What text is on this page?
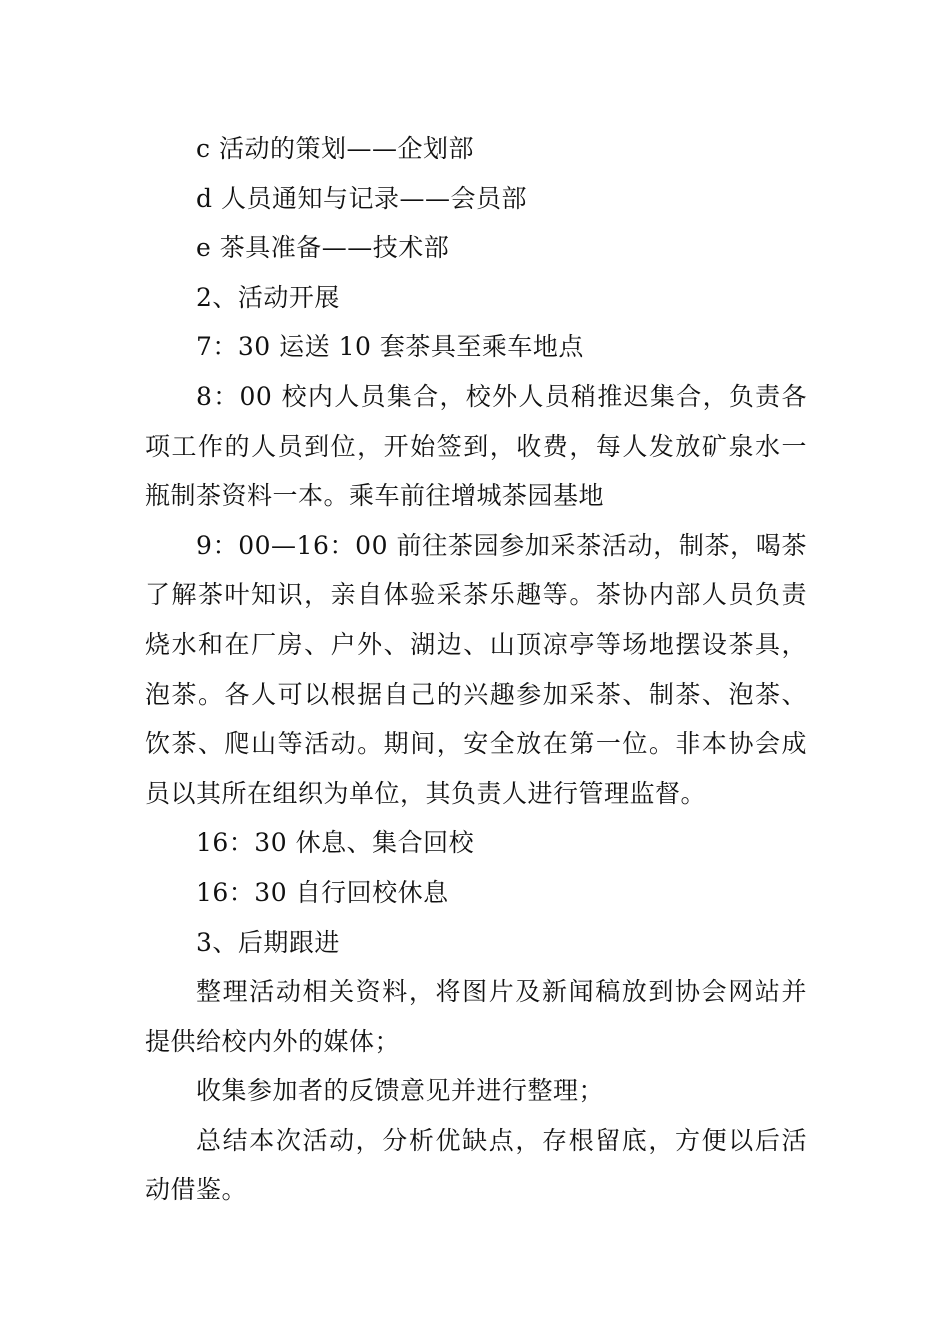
c 活动的策划——企划部

d 人员通知与记录——会员部

e 茶具准备——技术部

2、活动开展

7：30 运送 10 套茶具至乘车地点

8：00 校内人员集合，校外人员稍推迟集合，负责各项工作的人员到位，开始签到，收费，每人发放矿泉水一瓶制茶资料一本。乘车前往增城茶园基地

9：00—16：00 前往茶园参加采茶活动，制茶，喝茶了解茶叶知识，亲自体验采茶乐趣等。茶协内部人员负责烧水和在厂房、户外、湖边、山顶凉亭等场地摆设茶具，泡茶。各人可以根据自己的兴趣参加采茶、制茶、泡茶、饮茶、爬山等活动。期间，安全放在第一位。非本协会成员以其所在组织为单位，其负责人进行管理监督。

16：30 休息、集合回校

16：30 自行回校休息

3、后期跟进

整理活动相关资料，将图片及新闻稿放到协会网站并提供给校内外的媒体；

收集参加者的反馈意见并进行整理；

总结本次活动，分析优缺点，存根留底，方便以后活动借鉴。
